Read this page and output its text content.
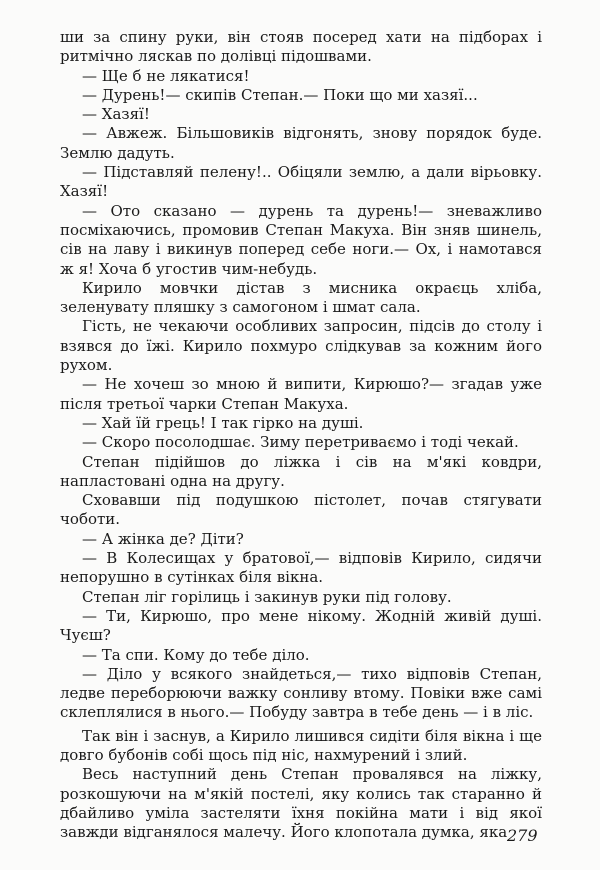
ши за спину руки, він стояв посеред хати на підборах і ритмічно ляскав по долівці підошвами.

— Ще б не лякатися!

— Дурень!— скипів Степан.— Поки що ми хазяї...

— Хазяї!

— Авжеж. Більшовиків відгонять, знову порядок буде. Землю дадуть.

— Підставляй пелену!.. Обіцяли землю, а дали вірьовку. Хазяї!

— Ото сказано — дурень та дурень!— зневажливо посміхаючись, промовив Степан Макуха. Він зняв шинель, сів на лаву і викинув поперед себе ноги.— Ох, і намотався ж я! Хоча б угостив чим-небудь.

Кирило мовчки дістав з мисника окраєць хліба, зеленувату пляшку з самогоном і шмат сала.

Гість, не чекаючи особливих запросин, підсів до столу і взявся до їжі. Кирило похмуро слідкував за кожним його рухом.

— Не хочеш зо мною й випити, Кирюшо?— згадав уже після третьої чарки Степан Макуха.

— Хай їй грець! І так гірко на душі.

— Скоро посолодшає. Зиму перетриваємо і тоді чекай.

Степан підійшов до ліжка і сів на м'які ковдри, напластовані одна на другу.

Сховавши під подушкою пістолет, почав стягувати чоботи.

— А жінка де? Діти?

— В Колесищах у братової,— відповів Кирило, сидячи непорушно в сутінках біля вікна.

Степан ліг горілиць і закинув руки під голову.

— Ти, Кирюшо, про мене нікому. Жодній живій душі. Чуєш?

— Та спи. Кому до тебе діло.

— Діло у всякого знайдеться,— тихо відповів Степан, ледве переборюючи важку сонливу втому. Повіки вже самі склеплялися в нього.— Побуду завтра в тебе день — і в ліс.

Так він і заснув, а Кирило лишився сидіти біля вікна і ще довго бубонів собі щось під ніс, нахмурений і злий.

Весь наступний день Степан провалявся на ліжку, розкошуючи на м'якій постелі, яку колись так старанно й дбайливо уміла застеляти їхня покійна мати і від якої завжди відганялося малечу. Його клопотала думка, яка 279
